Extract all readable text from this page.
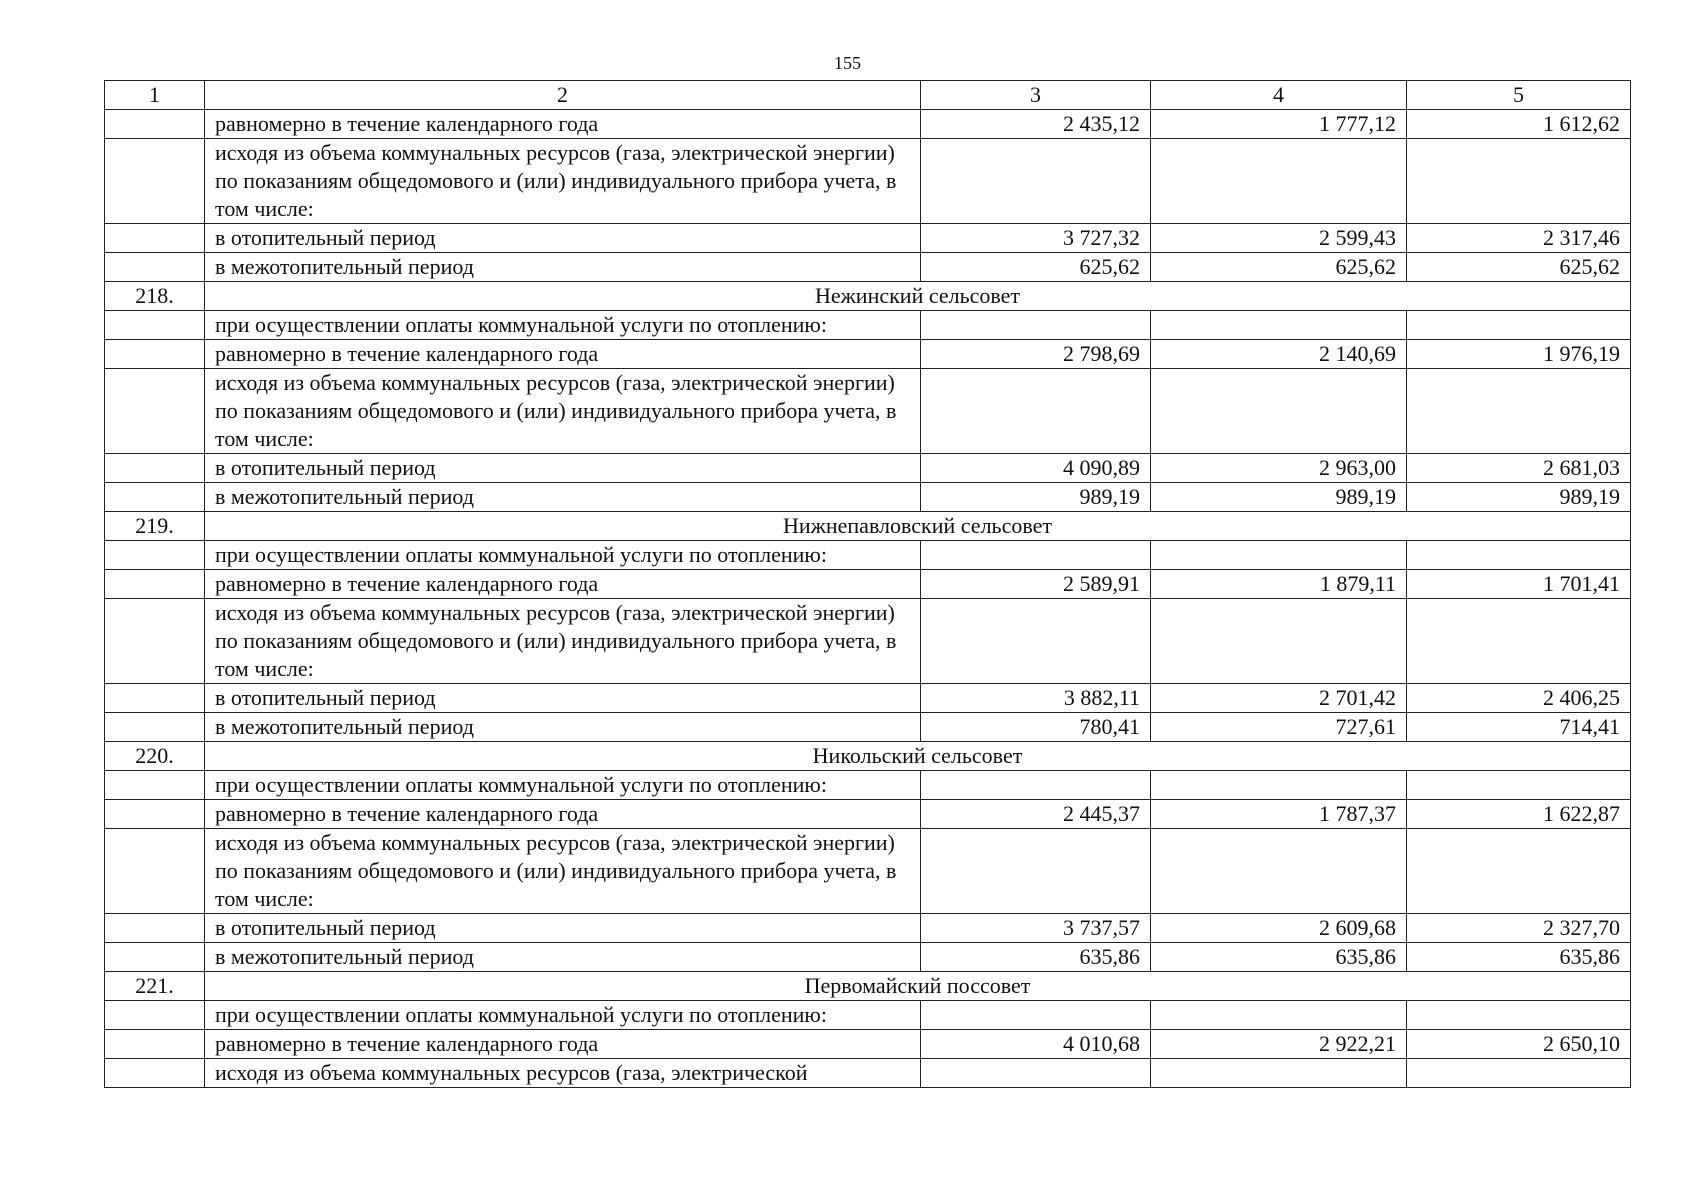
155
1	2	3	4	5
	равномерно в течение календарного года	2 435,12	1 777,12	1 612,62
	исходя из объема коммунальных ресурсов (газа, электрической энергии) по показаниям общедомового и (или) индивидуального прибора учета, в том числе:			
	в отопительный период	3 727,32	2 599,43	2 317,46
	в межотопительный период	625,62	625,62	625,62
218.	Нежинский сельсовет			
	при осуществлении оплаты коммунальной услуги по отоплению:			
	равномерно в течение календарного года	2 798,69	2 140,69	1 976,19
	исходя из объема коммунальных ресурсов (газа, электрической энергии) по показаниям общедомового и (или) индивидуального прибора учета, в том числе:			
	в отопительный период	4 090,89	2 963,00	2 681,03
	в межотопительный период	989,19	989,19	989,19
219.	Нижнепавловский сельсовет			
	при осуществлении оплаты коммунальной услуги по отоплению:			
	равномерно в течение календарного года	2 589,91	1 879,11	1 701,41
	исходя из объема коммунальных ресурсов (газа, электрической энергии) по показаниям общедомового и (или) индивидуального прибора учета, в том числе:			
	в отопительный период	3 882,11	2 701,42	2 406,25
	в межотопительный период	780,41	727,61	714,41
220.	Никольский сельсовет			
	при осуществлении оплаты коммунальной услуги по отоплению:			
	равномерно в течение календарного года	2 445,37	1 787,37	1 622,87
	исходя из объема коммунальных ресурсов (газа, электрической энергии) по показаниям общедомового и (или) индивидуального прибора учета, в том числе:			
	в отопительный период	3 737,57	2 609,68	2 327,70
	в межотопительный период	635,86	635,86	635,86
221.	Первомайский поссовет			
	при осуществлении оплаты коммунальной услуги по отоплению:			
	равномерно в течение календарного года	4 010,68	2 922,21	2 650,10
	исходя из объема коммунальных ресурсов (газа, электрической			
